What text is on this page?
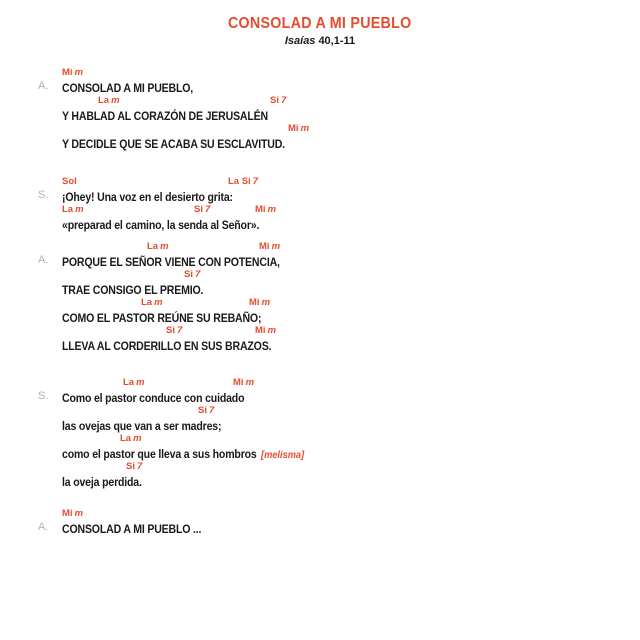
CONSOLAD A MI PUEBLO
Isaías 40,1-11
A.
Mi m
CONSOLAD A MI PUEBLO,
La m	Si 7
Y HABLAD AL CORAZÓN DE JERUSALÉN
Mi m
Y DECIDLE QUE SE ACABA SU ESCLAVITUD.
S.
Sol	La Si 7
¡Ohey! Una voz en el desierto grita:
La m	Si 7	Mi m
«preparad el camino, la senda al Señor».
A.
La m	Mi m
PORQUE EL SEÑOR VIENE CON POTENCIA,
Si 7
TRAE CONSIGO EL PREMIO.
La m	Mi m
COMO EL PASTOR REÚNE SU REBAÑO;
Si 7	Mi m
LLEVA AL CORDERILLO EN SUS BRAZOS.
S.
La m	Mi m
Como el pastor conduce con cuidado
Si 7
las ovejas que van a ser madres;
La m
como el pastor que lleva a sus hombros [melisma]
Si 7
la oveja perdida.
A.
Mi m
CONSOLAD A MI PUEBLO ...
